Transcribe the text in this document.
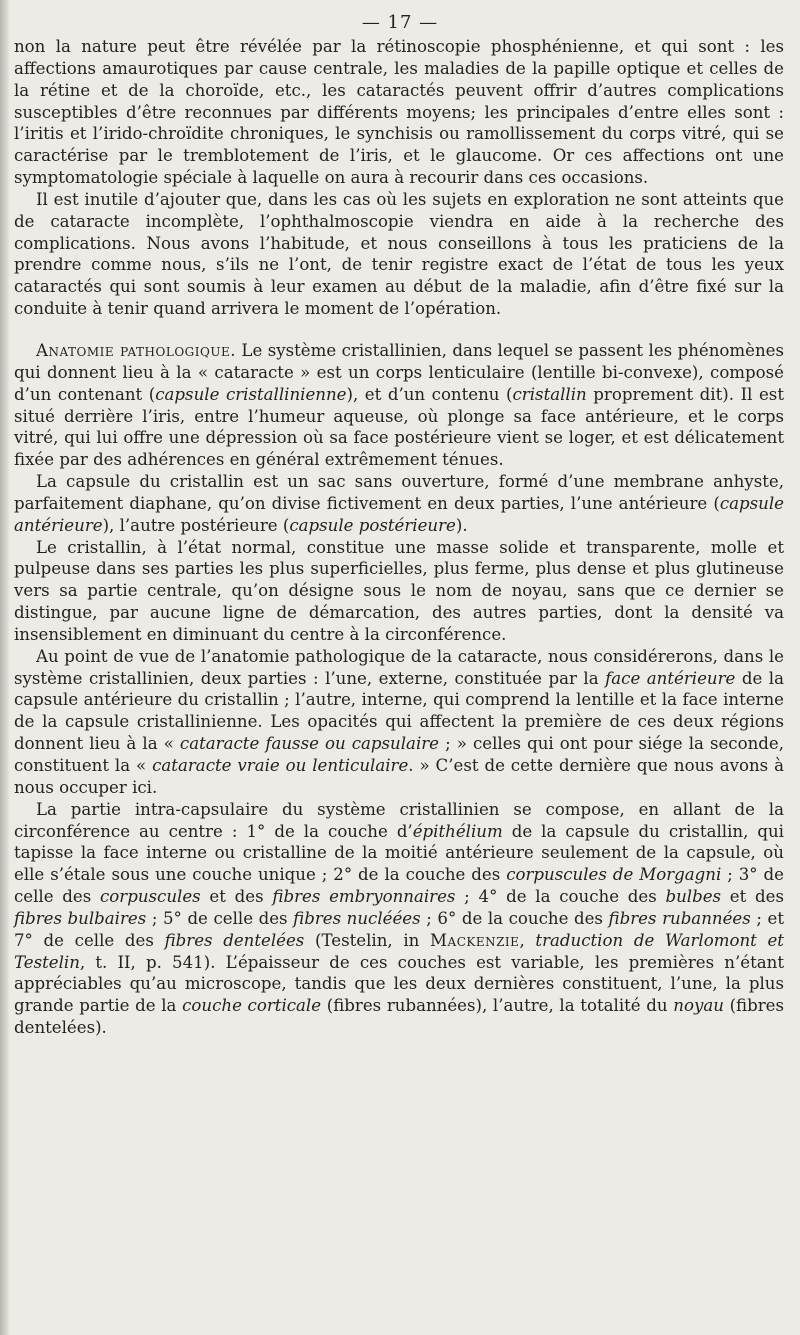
— 17 —

non la nature peut être révélée par la rétinoscopie phosphénienne, et qui sont : les affections amaurotiques par cause centrale, les maladies de la papille optique et celles de la rétine et de la choroïde, etc., les cataractés peuvent offrir d’autres complications susceptibles d’être reconnues par différents moyens; les principales d’entre elles sont : l’iritis et l’irido-chroïdite chroniques, le synchisis ou ramollissement du corps vitré, qui se caractérise par le tremblotement de l’iris, et le glaucome. Or ces affections ont une symptomatologie spéciale à laquelle on aura à recourir dans ces occasions.

Il est inutile d’ajouter que, dans les cas où les sujets en exploration ne sont atteints que de cataracte incomplète, l’ophthalmoscopie viendra en aide à la recherche des complications. Nous avons l’habitude, et nous conseillons à tous les praticiens de la prendre comme nous, s’ils ne l’ont, de tenir registre exact de l’état de tous les yeux cataractés qui sont soumis à leur examen au début de la maladie, afin d’être fixé sur la conduite à tenir quand arrivera le moment de l’opération.

Anatomie pathologique. Le système cristallinien, dans lequel se passent les phénomènes qui donnent lieu à la « cataracte » est un corps lenticulaire (lentille bi-convexe), composé d’un contenant (capsule cristallinienne), et d’un contenu (cristallin proprement dit). Il est situé derrière l’iris, entre l’humeur aqueuse, où plonge sa face antérieure, et le corps vitré, qui lui offre une dépression où sa face postérieure vient se loger, et est délicatement fixée par des adhérences en général extrêmement ténues.

La capsule du cristallin est un sac sans ouverture, formé d’une membrane anhyste, parfaitement diaphane, qu’on divise fictivement en deux parties, l’une antérieure (capsule antérieure), l’autre postérieure (capsule postérieure).

Le cristallin, à l’état normal, constitue une masse solide et transparente, molle et pulpeuse dans ses parties les plus superficielles, plus ferme, plus dense et plus glutineuse vers sa partie centrale, qu’on désigne sous le nom de noyau, sans que ce dernier se distingue, par aucune ligne de démarcation, des autres parties, dont la densité va insensiblement en diminuant du centre à la circonférence.

Au point de vue de l’anatomie pathologique de la cataracte, nous considérerons, dans le système cristallinien, deux parties : l’une, externe, constituée par la face antérieure de la capsule antérieure du cristallin ; l’autre, interne, qui comprend la lentille et la face interne de la capsule cristallinienne. Les opacités qui affectent la première de ces deux régions donnent lieu à la « cataracte fausse ou capsulaire ; » celles qui ont pour siége la seconde, constituent la « cataracte vraie ou lenticulaire. » C’est de cette dernière que nous avons à nous occuper ici.

La partie intra-capsulaire du système cristallinien se compose, en allant de la circonférence au centre : 1° de la couche d’épithélium de la capsule du cristallin, qui tapisse la face interne ou cristalline de la moitié antérieure seulement de la capsule, où elle s’étale sous une couche unique ; 2° de la couche des corpuscules de Morgagni ; 3° de celle des corpuscules et des fibres embryonnaires ; 4° de la couche des bulbes et des fibres bulbaires ; 5° de celle des fibres nucléées ; 6° de la couche des fibres rubannées ; et 7° de celle des fibres dentelées (Testelin, in Mackenzie, traduction de Warlomont et Testelin, t. II, p. 541). L’épaisseur de ces couches est variable, les premières n’étant appréciables qu’au microscope, tandis que les deux dernières constituent, l’une, la plus grande partie de la couche corticale (fibres rubannées), l’autre, la totalité du noyau (fibres dentelées).
